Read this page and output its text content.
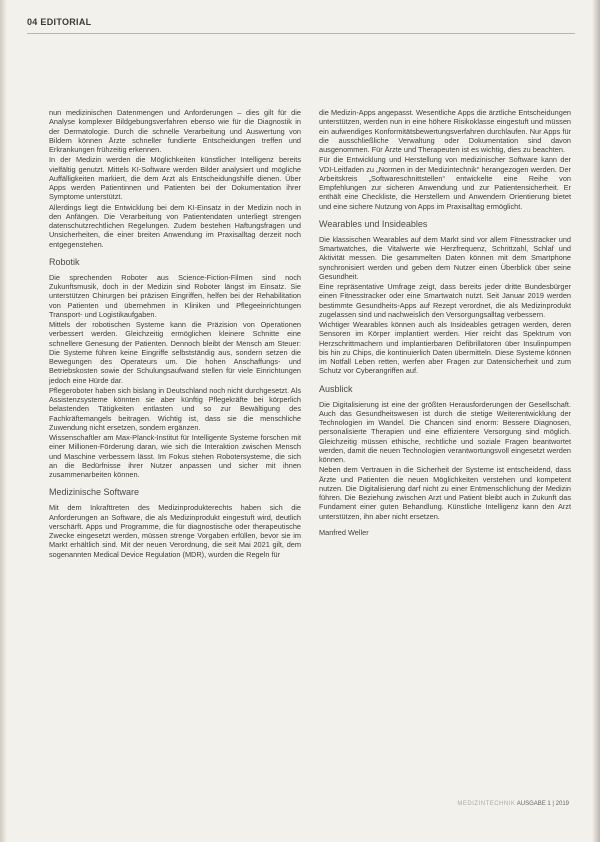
04 EDITORIAL

nun medizinischen Datenmengen und Anforderungen – dies gilt für die Analyse komplexer Bildgebungsverfahren ebenso wie für die Diagnostik in der Dermatologie. Durch die schnelle Verarbeitung und Auswertung von Bildern können Ärzte schneller fundierte Entscheidungen treffen und Erkrankungen frühzeitig erkennen.

In der Medizin werden die Möglichkeiten künstlicher Intelligenz bereits vielfältig genutzt. Mittels KI-Software werden Bilder analysiert und mögliche Auffälligkeiten markiert, die dem Arzt als Entscheidungshilfe dienen. Über Apps werden Patientinnen und Patienten bei der Dokumentation ihrer Symptome unterstützt.

Allerdings liegt die Entwicklung bei dem KI-Einsatz in der Medizin noch in den Anfängen. Die Verarbeitung von Patientendaten unterliegt strengen datenschutzrechtlichen Regelungen. Zudem bestehen Haftungsfragen und Unsicherheiten, die einer breiten Anwendung im Praxisalltag derzeit noch entgegenstehen.

Robotik

Die sprechenden Roboter aus Science-Fiction-Filmen sind noch Zukunftsmusik, doch in der Medizin sind Roboter längst im Einsatz. Sie unterstützen Chirurgen bei präzisen Eingriffen, helfen bei der Rehabilitation von Patienten und übernehmen in Kliniken und Pflegeeinrichtungen Transport- und Logistikaufgaben.

Mittels der robotischen Systeme kann die Präzision von Operationen verbessert werden. Gleichzeitig ermöglichen kleinere Schnitte eine schnellere Genesung der Patienten. Dennoch bleibt der Mensch am Steuer: Die Systeme führen keine Eingriffe selbstständig aus, sondern setzen die Bewegungen des Operateurs um. Die hohen Anschaffungs- und Betriebskosten sowie der Schulungsaufwand stellen für viele Einrichtungen jedoch eine Hürde dar.

Pflegeroboter haben sich bislang in Deutschland noch nicht durchgesetzt. Als Assistenzsysteme könnten sie aber künftig Pflegekräfte bei körperlich belastenden Tätigkeiten entlasten und so zur Bewältigung des Fachkräftemangels beitragen. Wichtig ist, dass sie die menschliche Zuwendung nicht ersetzen, sondern ergänzen.

Wissenschaftler am Max-Planck-Institut für Intelligente Systeme forschen mit einer Millionen-Förderung daran, wie sich die Interaktion zwischen Mensch und Maschine verbessern lässt. Im Fokus stehen Robotersysteme, die sich an die Bedürfnisse ihrer Nutzer anpassen und sicher mit ihnen zusammenarbeiten können.

Medizinische Software

Mit dem Inkrafttreten des Medizinprodukterechts haben sich die Anforderungen an Software, die als Medizinprodukt eingestuft wird, deutlich verschärft. Apps und Programme, die für diagnostische oder therapeutische Zwecke eingesetzt werden, müssen strenge Vorgaben erfüllen, bevor sie im Markt erhältlich sind. Mit der neuen Verordnung, die seit Mai 2021 gilt, dem sogenannten Medical Device Regulation (MDR), wurden die Regeln für

die Medizin-Apps angepasst. Wesentliche Apps die ärztliche Entscheidungen unterstützen, werden nun in eine höhere Risikoklasse eingestuft und müssen ein aufwendiges Konformitätsbewertungsverfahren durchlaufen. Nur Apps für die ausschließliche Verwaltung oder Dokumentation sind davon ausgenommen. Für Ärzte und Therapeuten ist es wichtig, dies zu beachten.

Für die Entwicklung und Herstellung von medizinischer Software kann der VDI-Leitfaden zu „Normen in der Medizintechnik“ herangezogen werden. Der Arbeitskreis „Softwareschnittstellen“ entwickelte eine Reihe von Empfehlungen zur sicheren Anwendung und zur Patientensicherheit. Er enthält eine Checkliste, die Herstellern und Anwendern Orientierung bietet und eine sichere Nutzung von Apps im Praxisalltag ermöglicht.

Wearables und Insideables

Die klassischen Wearables auf dem Markt sind vor allem Fitnesstracker und Smartwatches, die Vitalwerte wie Herzfrequenz, Schrittzahl, Schlaf und Aktivität messen. Die gesammelten Daten können mit dem Smartphone synchronisiert werden und geben dem Nutzer einen Überblick über seine Gesundheit.

Eine repräsentative Umfrage zeigt, dass bereits jeder dritte Bundesbürger einen Fitnesstracker oder eine Smartwatch nutzt. Seit Januar 2019 werden bestimmte Gesundheits-Apps auf Rezept verordnet, die als Medizinprodukt zugelassen sind und nachweislich den Versorgungsalltag verbessern.

Wichtiger Wearables können auch als Insideables getragen werden, deren Sensoren im Körper implantiert werden. Hier reicht das Spektrum von Herzschrittmachern und implantierbaren Defibrillatoren über Insulinpumpen bis hin zu Chips, die kontinuierlich Daten übermitteln. Diese Systeme können im Notfall Leben retten, werfen aber Fragen zur Datensicherheit und zum Schutz vor Cyberangriffen auf.

Ausblick

Die Digitalisierung ist eine der größten Herausforderungen der Gesellschaft. Auch das Gesundheitswesen ist durch die stetige Weiterentwicklung der Technologien im Wandel. Die Chancen sind enorm: Bessere Diagnosen, personalisierte Therapien und eine effizientere Versorgung sind möglich. Gleichzeitig müssen ethische, rechtliche und soziale Fragen beantwortet werden, damit die neuen Technologien verantwortungsvoll eingesetzt werden können.

Neben dem Vertrauen in die Sicherheit der Systeme ist entscheidend, dass Ärzte und Patienten die neuen Möglichkeiten verstehen und kompetent nutzen. Die Digitalisierung darf nicht zu einer Entmenschlichung der Medizin führen. Die Beziehung zwischen Arzt und Patient bleibt auch in Zukunft das Fundament einer guten Behandlung. Künstliche Intelligenz kann den Arzt unterstützen, ihn aber nicht ersetzen.

Manfred Weller

MEDIZINTECHNIK AUSGABE 1 | 2019
